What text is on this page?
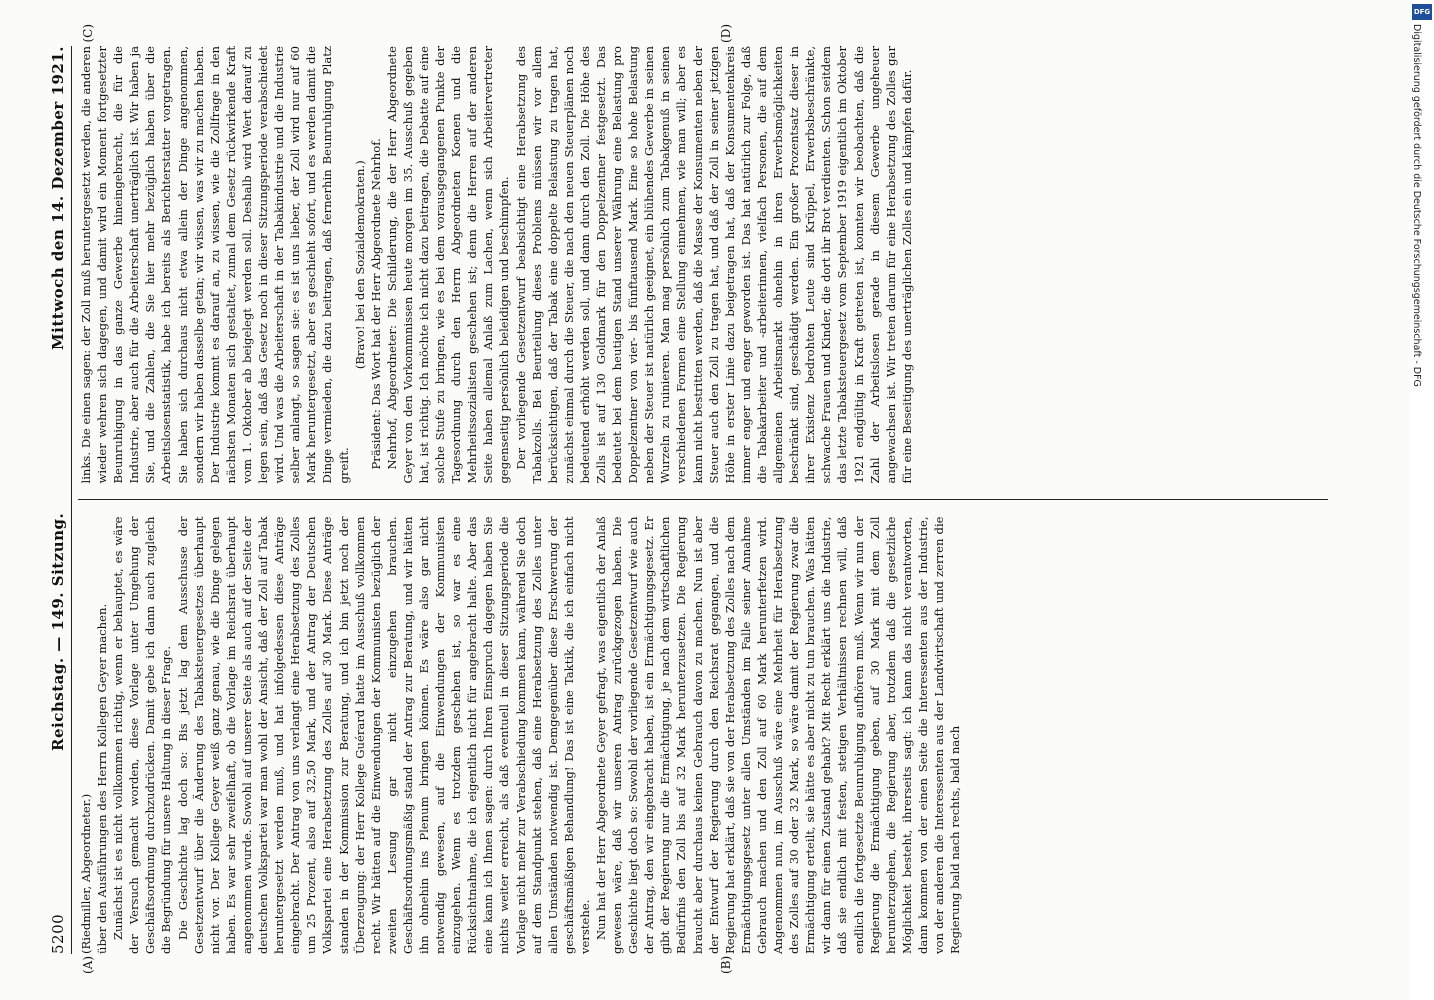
5200
Reichstag. — 149. Sitzung.
Mittwoch den 14. Dezember 1921.
(A)	(B)

(Riedmiller, Abgeordneter.) über den Ausführungen des Herrn Kollegen Geyer machen. Zunächst ist es nicht vollkommen richtig, wenn er behauptet, es wäre der Versuch gemacht worden, diese Vorlage unter Umgehung der Geschäftsordnung durchzudrücken. Damit gebe ich dann auch zugleich die Begründung für unsere Haltung in dieser Frage. Die Geschichte lag doch so: Bis jetzt lag dem Ausschusse der Gesetzentwurf über die Änderung des Tabaksteuergesetzes überhaupt nicht vor. Der Kollege Geyer weiß ganz genau, wie die Dinge gelegen haben. Es war sehr zweifelhaft, ob die Vorlage im Reichsrat überhaupt angenommen wurde. Sowohl auf unserer Seite als auch auf der Seite der deutschen Volkspartei war man wohl der Ansicht, daß der Zoll auf Tabak heruntergesetzt werden muß, und hat infolgedessen diese Anträge eingebracht. Der Antrag von uns verlangt eine Herabsetzung des Zolles um 25 Prozent, also auf 32,50 Mark, und der Antrag der Deutschen Volkspartei eine Herabsetzung des Zolles auf 30 Mark. Diese Anträge standen in der Kommission zur Beratung, und ich bin jetzt noch der Überzeugung: der Herr Kollege Guérard hatte im Ausschuß vollkommen recht. Wir hätten auf die Einwendungen der Kommunisten bezüglich der zweiten Lesung gar nicht einzugehen brauchen. Geschäftsordnungsmäßig stand der Antrag zur Beratung, und wir hätten ihn ohnehin ins Plenum bringen können. Es wäre also gar nicht notwendig gewesen, auf die Einwendungen der Kommunisten einzugehen. Wenn es trotzdem geschehen ist, so war es eine Rücksichtnahme, die ich eigentlich nicht für angebracht halte. Aber das eine kann ich Ihnen sagen: durch Ihren Einspruch dagegen haben Sie nichts weiter erreicht, als daß eventuell in dieser Sitzungsperiode die Vorlage nicht mehr zur Verabschiedung kommen kann, während Sie doch auf dem Standpunkt stehen, daß eine Herabsetzung des Zolles unter allen Umständen notwendig ist. Demgegenüber diese Erschwerung der geschäftsmäßigen Behandlung! Das ist eine Taktik, die ich einfach nicht verstehe. Nun hat der Herr Abgeordnete Geyer gefragt, was eigentlich der Anlaß gewesen wäre, daß wir unseren Antrag zurückgezogen haben. Die Geschichte liegt doch so: Sowohl der vorliegende Gesetzentwurf wie auch der Antrag, den wir eingebracht haben, ist ein Ermächtigungsgesetz. Er gibt der Regierung nur die Ermächtigung, je nach dem wirtschaftlichen Bedürfnis den Zoll bis auf 32 Mark herunterzusetzen. Die Regierung braucht aber durchaus keinen Gebrauch davon zu machen. Nun ist aber der Entwurf der Regierung durch den Reichsrat gegangen, und die Regierung hat erklärt, daß sie von der Herabsetzung des Zolles nach dem Ermächtigungsgesetz unter allen Umständen im Falle seiner Annahme Gebrauch machen und den Zoll auf 60 Mark herunterfetzen wird. Angenommen nun, im Ausschuß wäre eine Mehrheit für Herabsetzung des Zolles auf 30 oder 32 Mark, so wäre damit der Regierung zwar die Ermächtigung erteilt, sie hätte es aber nicht zu tun brauchen. Was hätten wir dann für einen Zustand gehabt? Mit Recht erklärt uns die Industrie, daß sie endlich mit festen, stetigen Verhältnissen rechnen will, daß endlich die fortgesetzte Beunruhigung aufhören muß. Wenn wir nun der Regierung die Ermächtigung geben, auf 30 Mark mit dem Zoll herunterzugehen, die Regierung aber, trotzdem daß die gesetzliche Möglichkeit besteht, ihrerseits sagt: ich kann das nicht verantworten, dann kommen von der einen Seite die Interessenten aus der Industrie, von der anderen die Interessenten aus der Landwirtschaft und zerren die Regierung bald nach rechts, bald nach

(C)	(D)

links. Die einen sagen: der Zoll muß heruntergesetzt werden, die anderen wieder wehren sich dagegen, und damit wird ein Moment fortgesetzter Beunruhigung in das ganze Gewerbe hineingebracht, die für die Industrie, aber auch für die Arbeiterschaft unerträglich ist. Wir haben ja Sie, und die Zahlen, die Sie hier mehr bezüglich haben über die Arbeitslosenstatistik, habe ich bereits als Berichterstatter vorgetragen. Sie haben sich durchaus nicht etwa allein der Dinge angenommen, sondern wir haben dasselbe getan; wir wissen, was wir zu machen haben. Der Industrie kommt es darauf an, zu wissen, wie die Zollfrage in den nächsten Monaten sich gestaltet, zumal dem Gesetz rückwirkende Kraft vom 1. Oktober ab beigelegt werden soll. Deshalb wird Wert darauf zu legen sein, daß das Gesetz noch in dieser Sitzungsperiode verabschiedet wird. Und was die Arbeiterschaft in der Tabakindustrie und die Industrie selber anlangt, so sagen sie: es ist uns lieber, der Zoll wird nur auf 60 Mark heruntergesetzt, aber es geschieht sofort, und es werden damit die Dinge vermieden, die dazu beitragen, daß fernerhin Beunruhigung Platz greift.

(Bravo! bei den Sozialdemokraten.) Präsident: Das Wort hat der Herr Abgeordnete Nehrhof. Nehrhof, Abgeordneter: Die Schilderung, die der Herr Abgeordnete Geyer von den Vorkommnissen heute morgen im 35. Ausschuß gegeben hat, ist richtig. Ich möchte ich nicht dazu beitragen, die Debatte auf eine solche Stufe zu bringen, wie es bei dem vorausgegangenen Punkte der Tagesordnung durch den Herrn Abgeordneten Koenen und die Mehrheitssozialisten geschehen ist; denn die Herren auf der anderen Seite haben allemal Anlaß zum Lachen, wenn sich Arbeitervertreter gegenseitig persönlich beleidigen und beschimpfen. Der vorliegende Gesetzentwurf beabsichtigt eine Herabsetzung des Tabakzolls. Bei Beurteilung dieses Problems müssen wir vor allem berücksichtigen, daß der Tabak eine doppelte Belastung zu tragen hat, zunächst einmal durch die Steuer, die nach den neuen Steuerplänen noch bedeutend erhöht werden soll, und dann durch den Zoll. Die Höhe des Zolls ist auf 130 Goldmark für den Doppelzentner festgesetzt. Das bedeutet bei dem heutigen Stand unserer Währung eine Belastung pro Doppelzentner von vier- bis fünftausend Mark. Eine so hohe Belastung neben der Steuer ist natürlich geeignet, ein blühendes Gewerbe in seinen Wurzeln zu ruinieren. Man mag persönlich zum Tabakgenuß in seinen verschiedenen Formen eine Stellung einnehmen, wie man will; aber es kann nicht bestritten werden, daß die Masse der Konsumenten neben der Steuer auch den Zoll zu tragen hat, und daß der Zoll in seiner jetzigen Höhe in erster Linie dazu beigetragen hat, daß der Konsumentenkreis immer enger und enger geworden ist. Das hat natürlich zur Folge, daß die Tabakarbeiter und -arbeiterinnen, vielfach Personen, die auf dem allgemeinen Arbeitsmarkt ohnehin in ihren Erwerbsmöglichkeiten beschränkt sind, geschädigt werden. Ein großer Prozentsatz dieser in ihrer Existenz bedrohten Leute sind Krüppel, Erwerbsbeschränkte, schwache Frauen und Kinder, die dort ihr Brot verdienten. Schon seitdem das letzte Tabaksteuergesetz vom September 1919 eigentlich im Oktober 1921 endgültig in Kraft getreten ist, konnten wir beobachten, daß die Zahl der Arbeitslosen gerade in diesem Gewerbe ungeheuer angewachsen ist. Wir treten darum für eine Herabsetzung des Zolles gar für eine Beseitigung des unerträglichen Zolles ein und kämpfen dafür.

DFG
Digitalisierung gefördert durch die Deutsche Forschungsgemeinschaft - DFG
